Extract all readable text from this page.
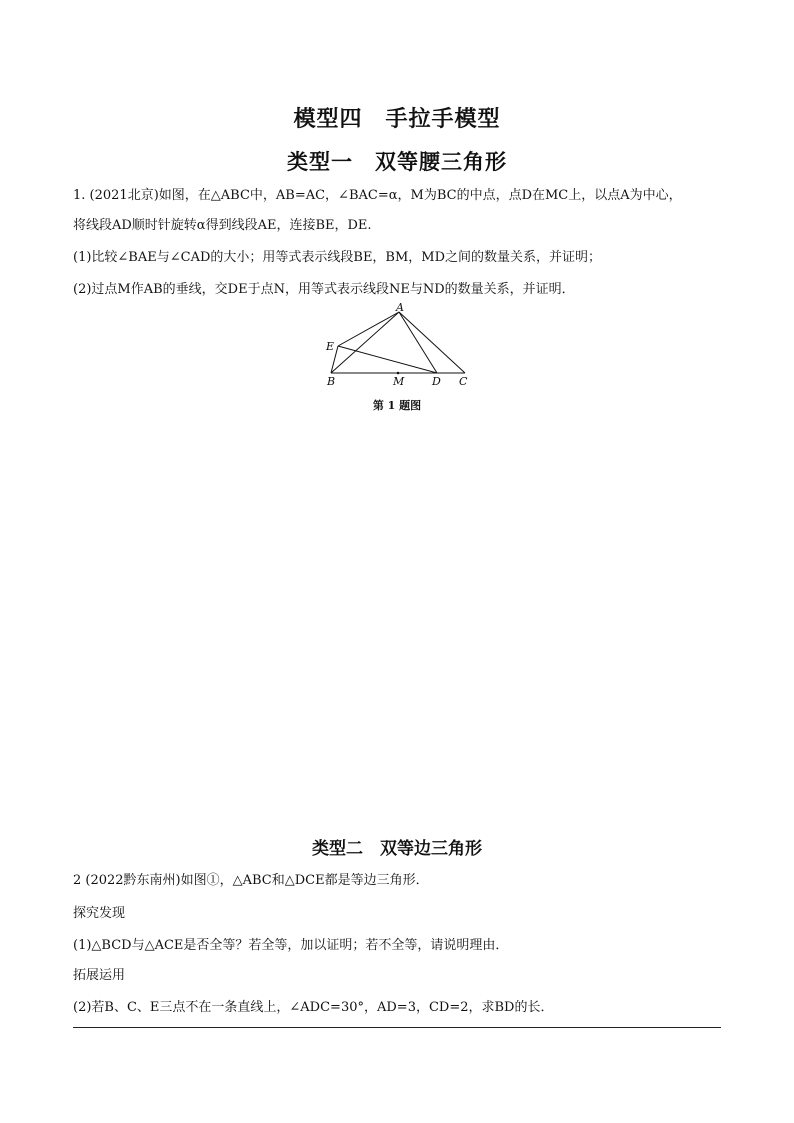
模型四　手拉手模型
类型一　双等腰三角形
1. (2021北京)如图，在△ABC中，AB=AC，∠BAC=α，M为BC的中点，点D在MC上，以点A为中心，
将线段AD顺时针旋转α得到线段AE，连接BE，DE.
(1)比较∠BAE与∠CAD的大小；用等式表示线段BE，BM，MD之间的数量关系，并证明；
(2)过点M作AB的垂线，交DE于点N，用等式表示线段NE与ND的数量关系，并证明．
A
E
B	M	D C
第 1 题图
类型二　双等边三角形
2 (2022黔东南州)如图①，△ABC和△DCE都是等边三角形．
探究发现
(1)△BCD与△ACE是否全等？若全等，加以证明；若不全等，请说明理由．
拓展运用
(2)若B、C、E三点不在一条直线上，∠ADC=30°，AD=3，CD=2，求BD的长．
